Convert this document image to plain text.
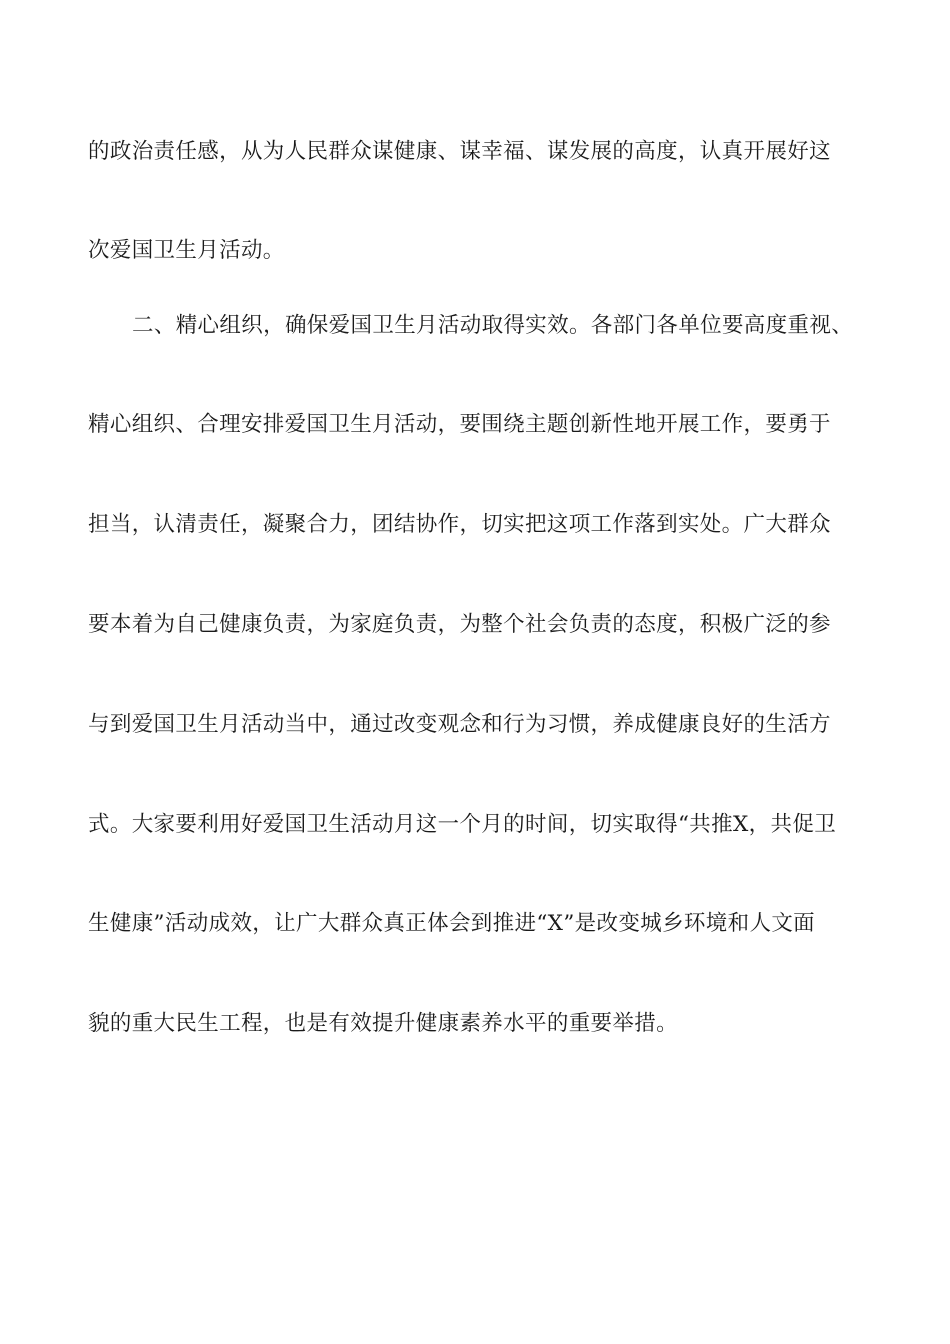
的政治责任感，从为人民群众谋健康、谋幸福、谋发展的高度，认真开展好这
次爱国卫生月活动。
二、精心组织，确保爱国卫生月活动取得实效。各部门各单位要高度重视、
精心组织、合理安排爱国卫生月活动，要围绕主题创新性地开展工作，要勇于
担当，认清责任，凝聚合力，团结协作，切实把这项工作落到实处。广大群众
要本着为自己健康负责，为家庭负责，为整个社会负责的态度，积极广泛的参
与到爱国卫生月活动当中，通过改变观念和行为习惯，养成健康良好的生活方
式。大家要利用好爱国卫生活动月这一个月的时间，切实取得“共推X，共促卫
生健康”活动成效，让广大群众真正体会到推进“X”是改变城乡环境和人文面
貌的重大民生工程，也是有效提升健康素养水平的重要举措。
